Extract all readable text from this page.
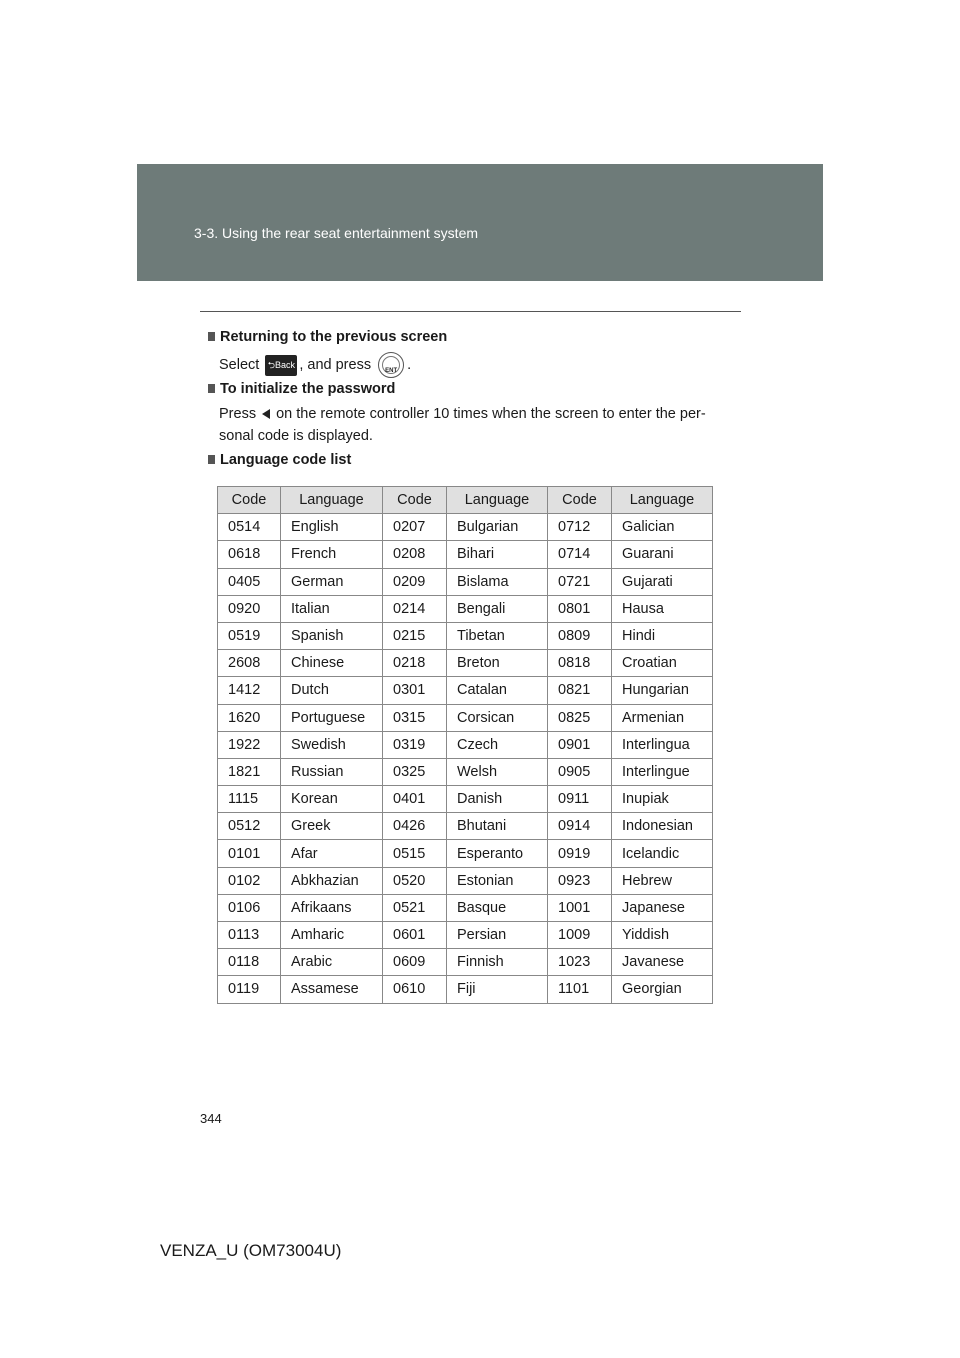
3-3. Using the rear seat entertainment system
Returning to the previous screen
Select ⮌Back , and press	ENT .
To initialize the password
Press on the remote controller 10 times when the screen to enter the per-
sonal code is displayed.
Language code list
Code	Language	Code	Language	Code	Language
0514	English	0207	Bulgarian	0712	Galician
0618	French	0208	Bihari	0714	Guarani
0405	German	0209	Bislama	0721	Gujarati
0920	Italian	0214	Bengali	0801	Hausa
0519	Spanish	0215	Tibetan	0809	Hindi
2608	Chinese	0218	Breton	0818	Croatian
1412	Dutch	0301	Catalan	0821	Hungarian
1620	Portuguese	0315	Corsican	0825	Armenian
1922	Swedish	0319	Czech	0901	Interlingua
1821	Russian	0325	Welsh	0905	Interlingue
1115	Korean	0401	Danish	0911	Inupiak
0512	Greek	0426	Bhutani	0914	Indonesian
0101	Afar	0515	Esperanto	0919	Icelandic
0102	Abkhazian	0520	Estonian	0923	Hebrew
0106	Afrikaans	0521	Basque	1001	Japanese
0113	Amharic	0601	Persian	1009	Yiddish
0118	Arabic	0609	Finnish	1023	Javanese
0119	Assamese	0610	Fiji	1101	Georgian
344
VENZA_U (OM73004U)
